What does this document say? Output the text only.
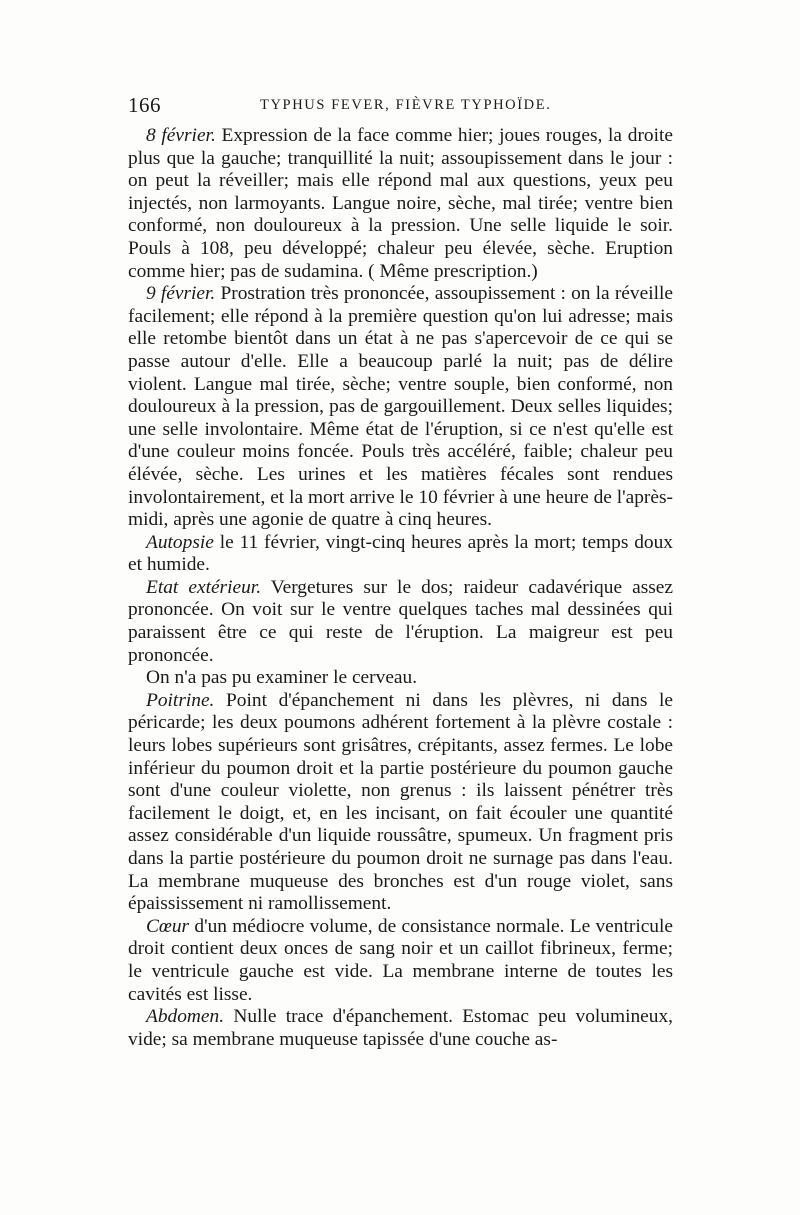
166	TYPHUS FEVER, FIÈVRE TYPHOÏDE.

8 février. Expression de la face comme hier; joues rouges, la droite plus que la gauche; tranquillité la nuit; assoupissement dans le jour : on peut la réveiller; mais elle répond mal aux questions, yeux peu injectés, non larmoyants. Langue noire, sèche, mal tirée; ventre bien conformé, non douloureux à la pression. Une selle liquide le soir. Pouls à 108, peu développé; chaleur peu élevée, sèche. Eruption comme hier; pas de sudamina. ( Même prescription.)

9 février. Prostration très prononcée, assoupissement : on la réveille facilement; elle répond à la première question qu'on lui adresse; mais elle retombe bientôt dans un état à ne pas s'apercevoir de ce qui se passe autour d'elle. Elle a beaucoup parlé la nuit; pas de délire violent. Langue mal tirée, sèche; ventre souple, bien conformé, non douloureux à la pression, pas de gargouillement. Deux selles liquides; une selle involontaire. Même état de l'éruption, si ce n'est qu'elle est d'une couleur moins foncée. Pouls très accéléré, faible; chaleur peu élévée, sèche. Les urines et les matières fécales sont rendues involontairement, et la mort arrive le 10 février à une heure de l'après-midi, après une agonie de quatre à cinq heures.

Autopsie le 11 février, vingt-cinq heures après la mort; temps doux et humide.

Etat extérieur. Vergetures sur le dos; raideur cadavérique assez prononcée. On voit sur le ventre quelques taches mal dessinées qui paraissent être ce qui reste de l'éruption. La maigreur est peu prononcée.

On n'a pas pu examiner le cerveau.

Poitrine. Point d'épanchement ni dans les plèvres, ni dans le péricarde; les deux poumons adhérent fortement à la plèvre costale : leurs lobes supérieurs sont grisâtres, crépitants, assez fermes. Le lobe inférieur du poumon droit et la partie postérieure du poumon gauche sont d'une couleur violette, non grenus : ils laissent pénétrer très facilement le doigt, et, en les incisant, on fait écouler une quantité assez considérable d'un liquide roussâtre, spumeux. Un fragment pris dans la partie postérieure du poumon droit ne surnage pas dans l'eau. La membrane muqueuse des bronches est d'un rouge violet, sans épaississement ni ramollissement.

Cœur d'un médiocre volume, de consistance normale. Le ventricule droit contient deux onces de sang noir et un caillot fibrineux, ferme; le ventricule gauche est vide. La membrane interne de toutes les cavités est lisse.

Abdomen. Nulle trace d'épanchement. Estomac peu volumineux, vide; sa membrane muqueuse tapissée d'une couche as-
